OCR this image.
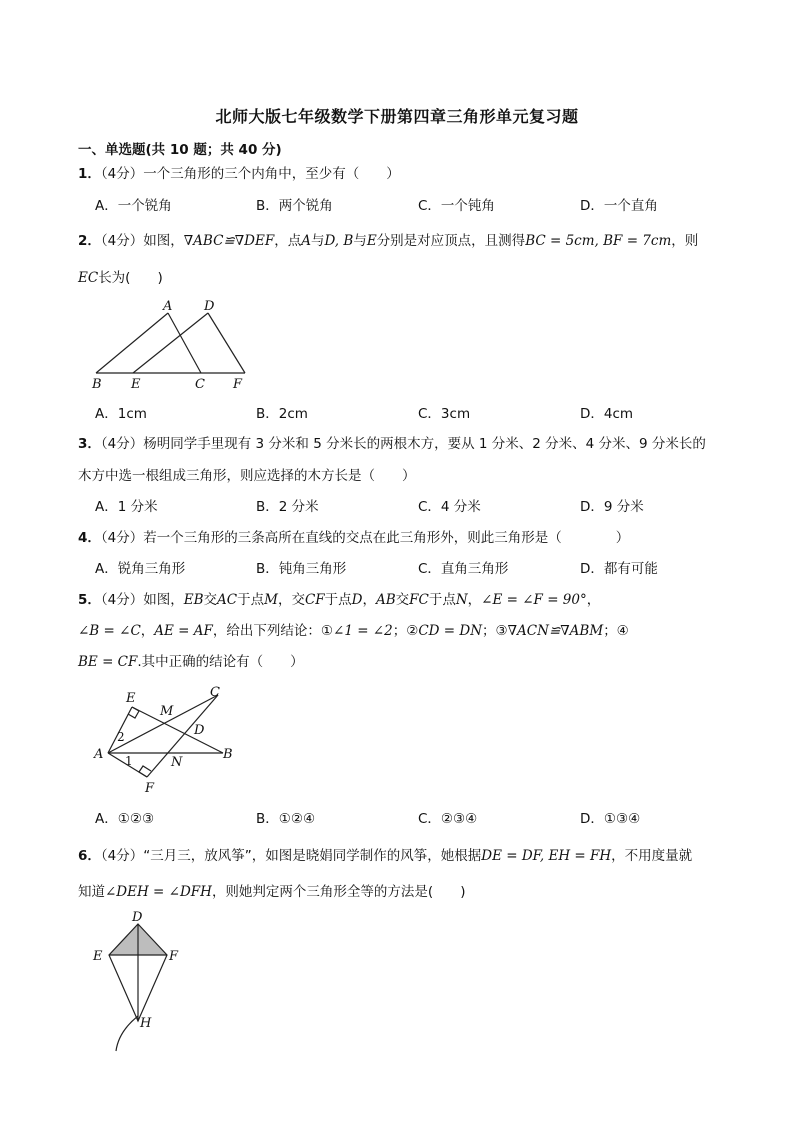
北师大版七年级数学下册第四章三角形单元复习题
一、单选题(共 10 题；共 40 分)
1．（4分）一个三角形的三个内角中，至少有（　　）
A．一个锐角	B．两个锐角	C．一个钝角	D．一个直角
2．（4分）如图，∇ABC≌∇DEF，点A与D, B与E分别是对应顶点，且测得BC = 5cm, BF = 7cm，则
EC长为(　　)
A D
B E	C F
A．1cm	B．2cm	C．3cm	D．4cm
3．（4分）杨明同学手里现有 3 分米和 5 分米长的两根木方，要从 1 分米、2 分米、4 分米、9 分米长的
木方中选一根组成三角形，则应选择的木方长是（　　）
A．1 分米	B．2 分米	C．4 分米	D．9 分米
4．（4分）若一个三角形的三条高所在直线的交点在此三角形外，则此三角形是（　　　　）
A．锐角三角形	B．钝角三角形	C．直角三角形	D．都有可能
5．（4分）如图，EB交AC于点M，交CF于点D，AB交FC于点N，∠E = ∠F = 90°，
∠B = ∠C，AE = AF，给出下列结论：①∠1 = ∠2；②CD = DN；③∇ACN≌∇ABM；④
BE = CF.其中正确的结论有（　　）
E	C
M
D
A	B
N
F
1
2
A．①②③	B．①②④	C．②③④	D．①③④
6．（4分）“三月三，放风筝”，如图是晓娟同学制作的风筝，她根据DE = DF, EH = FH，不用度量就
知道∠DEH = ∠DFH，则她判定两个三角形全等的方法是(　　)
D
E	F
H
